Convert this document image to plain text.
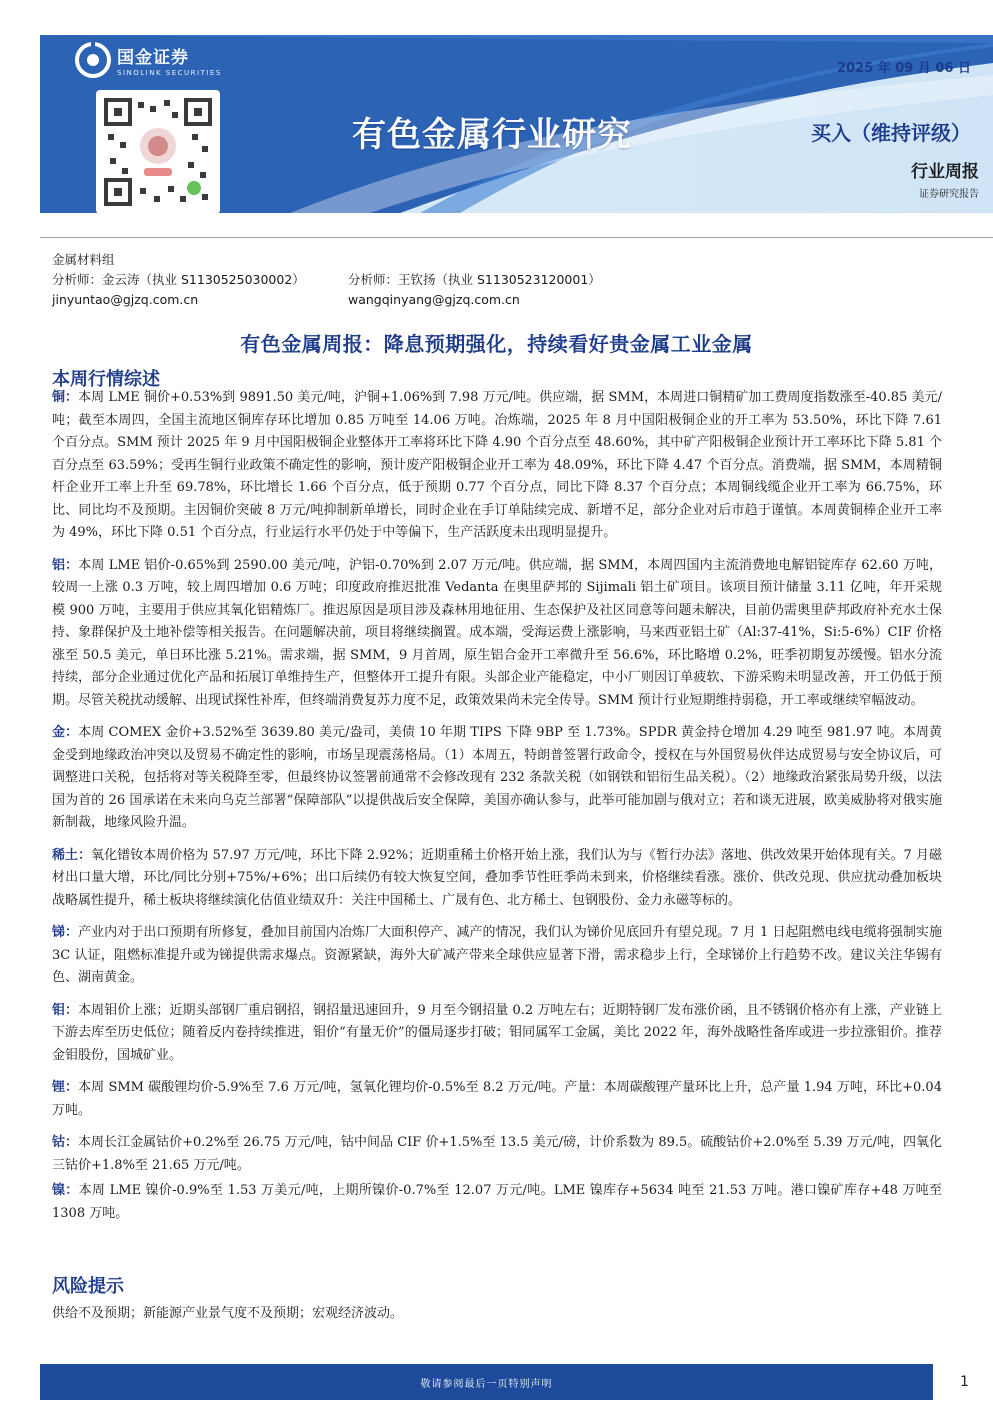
国金证券
SINOLINK SECURITIES	2025 年 09 月 06 日
有色金属行业研究	买入（维持评级）
行业周报
证券研究报告
金属材料组
分析师：金云涛（执业 S1130525030002）	分析师：王钦扬（执业 S1130523120001）
jinyuntao@gjzq.com.cn	wangqinyang@gjzq.com.cn
有色金属周报：降息预期强化，持续看好贵金属工业金属
本周行情综述

铜：本周 LME 铜价+0.53%到 9891.50 美元/吨，沪铜+1.06%到 7.98 万元/吨。供应端，据 SMM，本周进口铜精矿加工费周度指数涨至-40.85 美元/吨；截至本周四，全国主流地区铜库存环比增加 0.85 万吨至 14.06 万吨。冶炼端，2025 年 8 月中国阳极铜企业的开工率为 53.50%，环比下降 7.61 个百分点。SMM 预计 2025 年 9 月中国阳极铜企业整体开工率将环比下降 4.90 个百分点至 48.60%，其中矿产阳极铜企业预计开工率环比下降 5.81 个百分点至 63.59%；受再生铜行业政策不确定性的影响，预计废产阳极铜企业开工率为 48.09%，环比下降 4.47 个百分点。消费端，据 SMM，本周精铜杆企业开工率上升至 69.78%，环比增长 1.66 个百分点，低于预期 0.77 个百分点，同比下降 8.37 个百分点；本周铜线缆企业开工率为 66.75%，环比、同比均不及预期。主因铜价突破 8 万元/吨抑制新单增长，同时企业在手订单陆续完成、新增不足，部分企业对后市趋于谨慎。本周黄铜棒企业开工率为 49%，环比下降 0.51 个百分点，行业运行水平仍处于中等偏下，生产活跃度未出现明显提升。

铝：本周 LME 铝价-0.65%到 2590.00 美元/吨，沪铝-0.70%到 2.07 万元/吨。供应端，据 SMM，本周四国内主流消费地电解铝锭库存 62.60 万吨，较周一上涨 0.3 万吨，较上周四增加 0.6 万吨；印度政府推迟批准 Vedanta 在奥里萨邦的 Sijimali 铝土矿项目。该项目预计储量 3.11 亿吨，年开采规模 900 万吨，主要用于供应其氧化铝精炼厂。推迟原因是项目涉及森林用地征用、生态保护及社区同意等问题未解决，目前仍需奥里萨邦政府补充水土保持、象群保护及土地补偿等相关报告。在问题解决前，项目将继续搁置。成本端，受海运费上涨影响，马来西亚铝土矿（Al:37-41%，Si:5-6%）CIF 价格涨至 50.5 美元，单日环比涨 5.21%。需求端，据 SMM，9 月首周，原生铝合金开工率微升至 56.6%，环比略增 0.2%，旺季初期复苏缓慢。铝水分流持续，部分企业通过优化产品和拓展订单维持生产，但整体开工提升有限。头部企业产能稳定，中小厂则因订单疲软、下游采购未明显改善，开工仍低于预期。尽管关税扰动缓解、出现试探性补库，但终端消费复苏力度不足，政策效果尚未完全传导。SMM 预计行业短期维持弱稳，开工率或继续窄幅波动。

金：本周 COMEX 金价+3.52%至 3639.80 美元/盎司，美债 10 年期 TIPS 下降 9BP 至 1.73%。SPDR 黄金持仓增加 4.29 吨至 981.97 吨。本周黄金受到地缘政治冲突以及贸易不确定性的影响，市场呈现震荡格局。（1）本周五，特朗普签署行政命令，授权在与外国贸易伙伴达成贸易与安全协议后，可调整进口关税，包括将对等关税降至零，但最终协议签署前通常不会修改现有 232 条款关税（如钢铁和铝衍生品关税）。（2）地缘政治紧张局势升级，以法国为首的 26 国承诺在未来向乌克兰部署“保障部队”以提供战后安全保障，美国亦确认参与，此举可能加剧与俄对立；若和谈无进展，欧美威胁将对俄实施新制裁，地缘风险升温。

稀土：氧化镨钕本周价格为 57.97 万元/吨，环比下降 2.92%；近期重稀土价格开始上涨，我们认为与《暂行办法》落地、供改效果开始体现有关。7 月磁材出口量大增，环比/同比分别+75%/+6%；出口后续仍有较大恢复空间，叠加季节性旺季尚未到来，价格继续看涨。涨价、供改兑现、供应扰动叠加板块战略属性提升，稀土板块将继续演化估值业绩双升：关注中国稀土、广晟有色、北方稀土、包钢股份、金力永磁等标的。

锑：产业内对于出口预期有所修复，叠加目前国内冶炼厂大面积停产、减产的情况，我们认为锑价见底回升有望兑现。7 月 1 日起阻燃电线电缆将强制实施 3C 认证，阻燃标准提升或为锑提供需求爆点。资源紧缺，海外大矿减产带来全球供应显著下滑，需求稳步上行，全球锑价上行趋势不改。建议关注华锡有色、湖南黄金。

钼：本周钼价上涨；近期头部钢厂重启钢招，钢招量迅速回升，9 月至今钢招量 0.2 万吨左右；近期特钢厂发布涨价函，且不锈钢价格亦有上涨，产业链上下游去库至历史低位；随着反内卷持续推进，钼价“有量无价”的僵局逐步打破；钼同属军工金属，美比 2022 年，海外战略性备库或进一步拉涨钼价。推荐金钼股份，国城矿业。

锂：本周 SMM 碳酸锂均价-5.9%至 7.6 万元/吨，氢氧化锂均价-0.5%至 8.2 万元/吨。产量：本周碳酸锂产量环比上升，总产量 1.94 万吨，环比+0.04 万吨。

钴：本周长江金属钴价+0.2%至 26.75 万元/吨，钴中间品 CIF 价+1.5%至 13.5 美元/磅，计价系数为 89.5。硫酸钴价+2.0%至 5.39 万元/吨，四氧化三钴价+1.8%至 21.65 万元/吨。

镍：本周 LME 镍价-0.9%至 1.53 万美元/吨，上期所镍价-0.7%至 12.07 万元/吨。LME 镍库存+5634 吨至 21.53 万吨。港口镍矿库存+48 万吨至 1308 万吨。

风险提示
供给不及预期；新能源产业景气度不及预期；宏观经济波动。
敬请参阅最后一页特别声明	1
